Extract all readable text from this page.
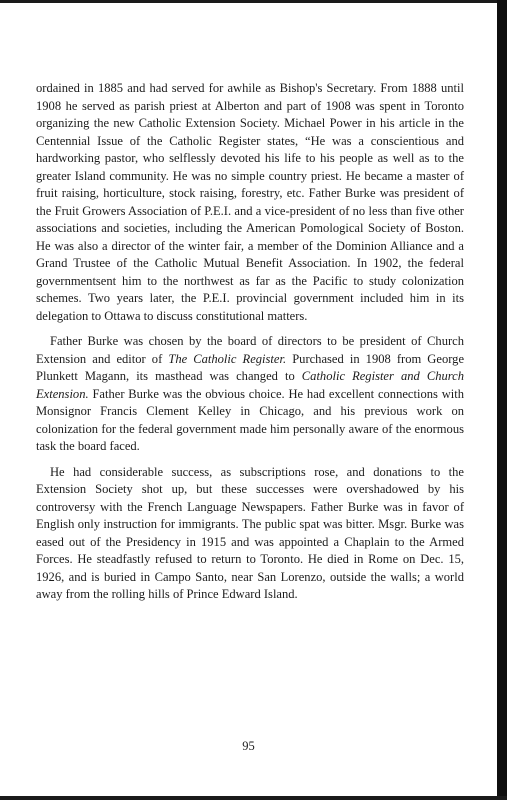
ordained in 1885 and had served for awhile as Bishop's Secretary. From 1888 until 1908 he served as parish priest at Alberton and part of 1908 was spent in Toronto organizing the new Catholic Extension Society. Michael Power in his article in the Centennial Issue of the Catholic Register states, “He was a conscientious and hardworking pastor, who selflessly devoted his life to his people as well as to the greater Island community. He was no simple country priest. He became a master of fruit raising, horticulture, stock raising, forestry, etc. Father Burke was president of the Fruit Growers Association of P.E.I. and a vice-president of no less than five other associations and societies, including the American Pomological Society of Boston. He was also a director of the winter fair, a member of the Dominion Alliance and a Grand Trustee of the Catholic Mutual Benefit Association. In 1902, the federal governmentsent him to the northwest as far as the Pacific to study colonization schemes. Two years later, the P.E.I. provincial government included him in its delegation to Ottawa to discuss constitutional matters.

Father Burke was chosen by the board of directors to be president of Church Extension and editor of The Catholic Register. Purchased in 1908 from George Plunkett Magann, its masthead was changed to Catholic Register and Church Extension. Father Burke was the obvious choice. He had excellent connections with Monsignor Francis Clement Kelley in Chicago, and his previous work on colonization for the federal government made him personally aware of the enormous task the board faced.

He had considerable success, as subscriptions rose, and donations to the Extension Society shot up, but these successes were overshadowed by his controversy with the French Language Newspapers. Father Burke was in favor of English only instruction for immigrants. The public spat was bitter. Msgr. Burke was eased out of the Presidency in 1915 and was appointed a Chaplain to the Armed Forces. He steadfastly refused to return to Toronto. He died in Rome on Dec. 15, 1926, and is buried in Campo Santo, near San Lorenzo, outside the walls; a world away from the rolling hills of Prince Edward Island.

95
